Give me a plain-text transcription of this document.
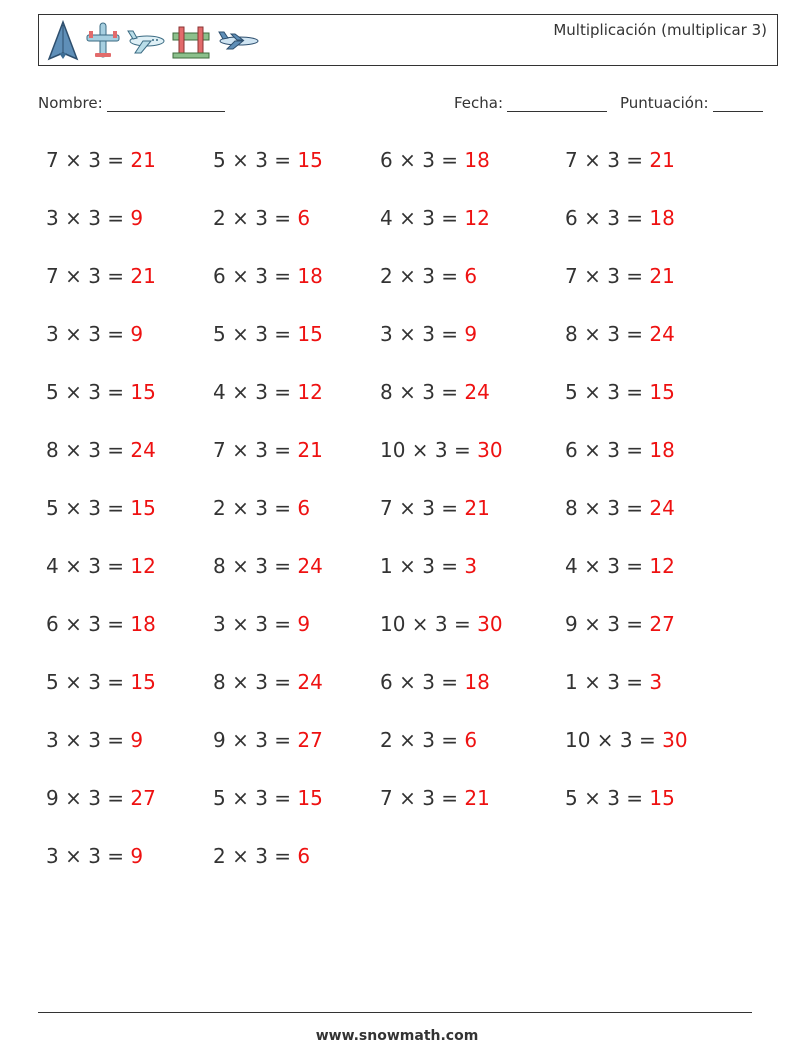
Multiplicación (multiplicar 3)
Nombre:	Fecha:	Puntuación:
7 × 3 = 21	5 × 3 = 15	6 × 3 = 18	7 × 3 = 21
3 × 3 = 9	2 × 3 = 6	4 × 3 = 12	6 × 3 = 18
7 × 3 = 21	6 × 3 = 18	2 × 3 = 6	7 × 3 = 21
3 × 3 = 9	5 × 3 = 15	3 × 3 = 9	8 × 3 = 24
5 × 3 = 15	4 × 3 = 12	8 × 3 = 24	5 × 3 = 15
8 × 3 = 24	7 × 3 = 21	10 × 3 = 30	6 × 3 = 18
5 × 3 = 15	2 × 3 = 6	7 × 3 = 21	8 × 3 = 24
4 × 3 = 12	8 × 3 = 24	1 × 3 = 3	4 × 3 = 12
6 × 3 = 18	3 × 3 = 9	10 × 3 = 30	9 × 3 = 27
5 × 3 = 15	8 × 3 = 24	6 × 3 = 18	1 × 3 = 3
3 × 3 = 9	9 × 3 = 27	2 × 3 = 6	10 × 3 = 30
9 × 3 = 27	5 × 3 = 15	7 × 3 = 21	5 × 3 = 15
3 × 3 = 9	2 × 3 = 6
www.snowmath.com
